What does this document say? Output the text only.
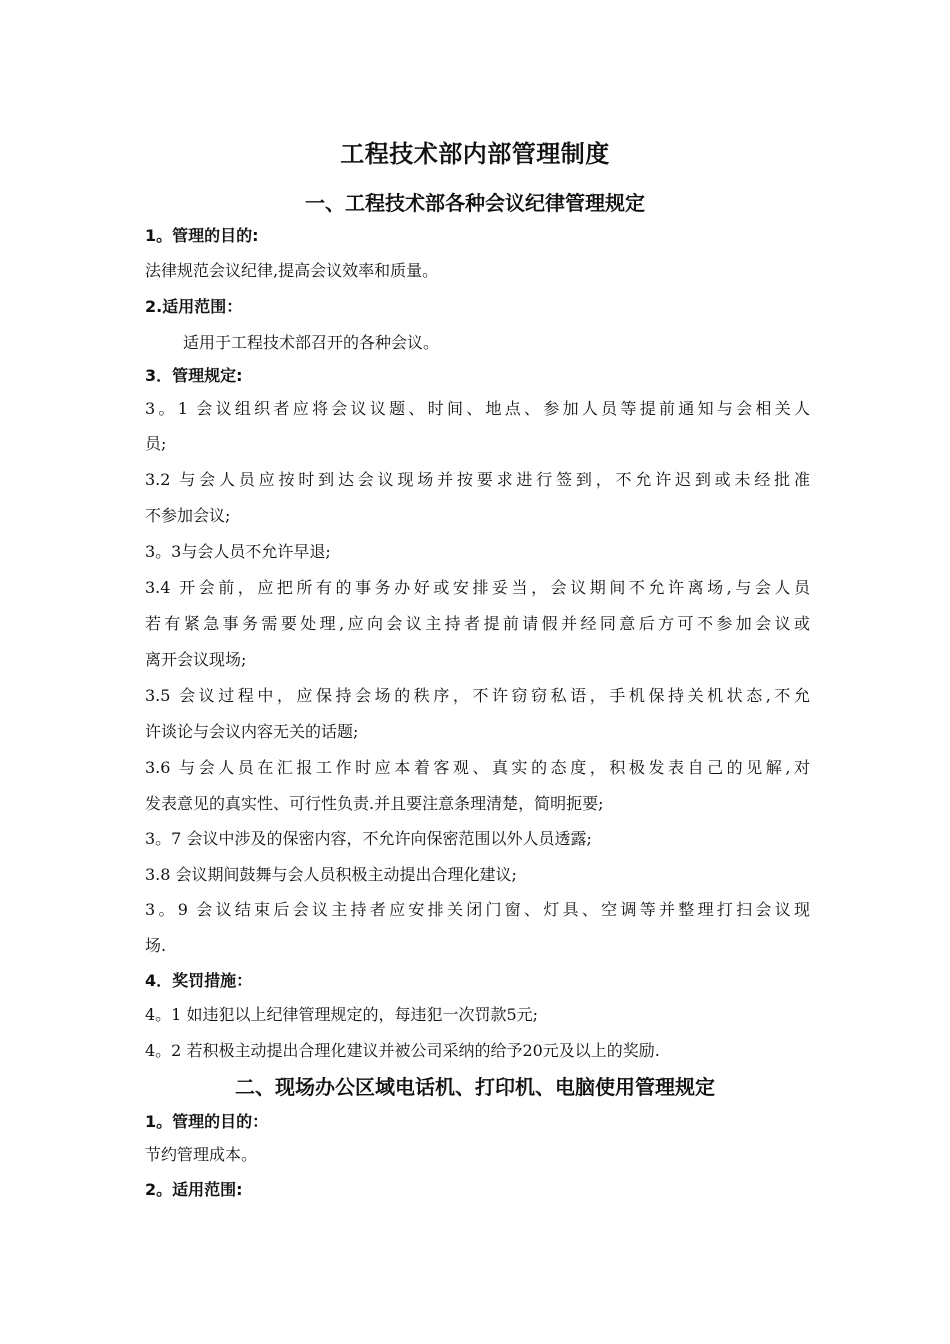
工程技术部内部管理制度
一、工程技术部各种会议纪律管理规定
1。管理的目的:
法律规范会议纪律,提高会议效率和质量。
2.适用范围：
适用于工程技术部召开的各种会议。
3．管理规定:
3。1 会议组织者应将会议议题、时间、地点、参加人员等提前通知与会相关人
员;
3.2 与会人员应按时到达会议现场并按要求进行签到，不允许迟到或未经批准
不参加会议;
3。3与会人员不允许早退;
3.4 开会前，应把所有的事务办好或安排妥当，会议期间不允许离场,与会人员
若有紧急事务需要处理,应向会议主持者提前请假并经同意后方可不参加会议或
离开会议现场;
3.5 会议过程中，应保持会场的秩序，不许窃窃私语，手机保持关机状态,不允
许谈论与会议内容无关的话题;
3.6 与会人员在汇报工作时应本着客观、真实的态度，积极发表自己的见解,对
发表意见的真实性、可行性负责.并且要注意条理清楚，简明扼要;
3。7 会议中涉及的保密内容，不允许向保密范围以外人员透露;
3.8 会议期间鼓舞与会人员积极主动提出合理化建议;
3。9 会议结束后会议主持者应安排关闭门窗、灯具、空调等并整理打扫会议现
场.
4．奖罚措施：
4。1 如违犯以上纪律管理规定的，每违犯一次罚款5元;
4。2 若积极主动提出合理化建议并被公司采纳的给予20元及以上的奖励.
二、现场办公区域电话机、打印机、电脑使用管理规定
1。管理的目的：
节约管理成本。
2。适用范围:
